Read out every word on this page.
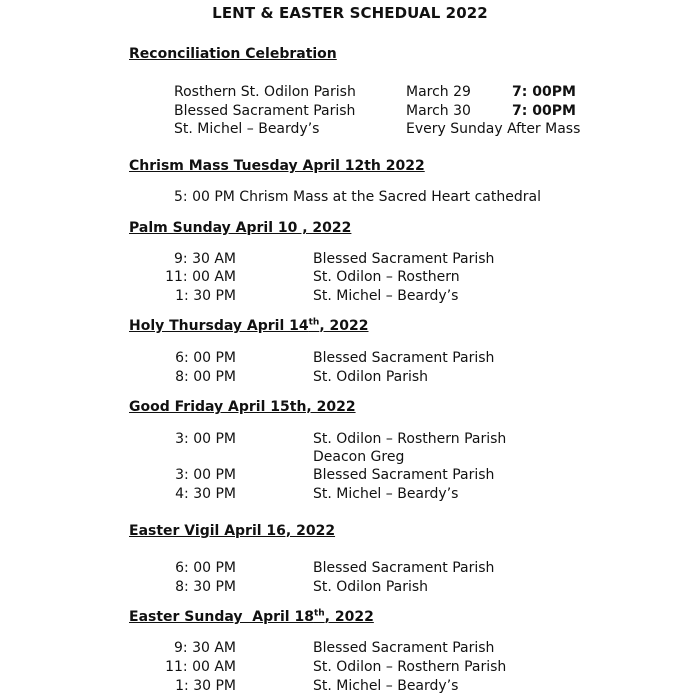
LENT & EASTER SCHEDUAL 2022
Reconciliation Celebration
Rosthern St. Odilon Parish	March 29	7: 00PM
Blessed Sacrament Parish	March 30	7: 00PM
St. Michel – Beardy’s	Every Sunday After Mass
Chrism Mass Tuesday April 12th 2022
5: 00 PM Chrism Mass at the Sacred Heart cathedral
Palm Sunday April 10 , 2022
9: 30 AM	Blessed Sacrament Parish
11: 00 AM	St. Odilon – Rosthern
1: 30 PM	St. Michel – Beardy’s
Holy Thursday April 14th, 2022
6: 00 PM	Blessed Sacrament Parish
8: 00 PM	St. Odilon Parish
Good Friday April 15th, 2022
3: 00 PM	St. Odilon – Rosthern Parish
Deacon Greg
3: 00 PM	Blessed Sacrament Parish
4: 30 PM	St. Michel – Beardy’s
Easter Vigil April 16, 2022
6: 00 PM	Blessed Sacrament Parish
8: 30 PM	St. Odilon Parish
Easter Sunday  April 18th, 2022
9: 30 AM	Blessed Sacrament Parish
11: 00 AM	St. Odilon – Rosthern Parish
1: 30 PM	St. Michel – Beardy’s
